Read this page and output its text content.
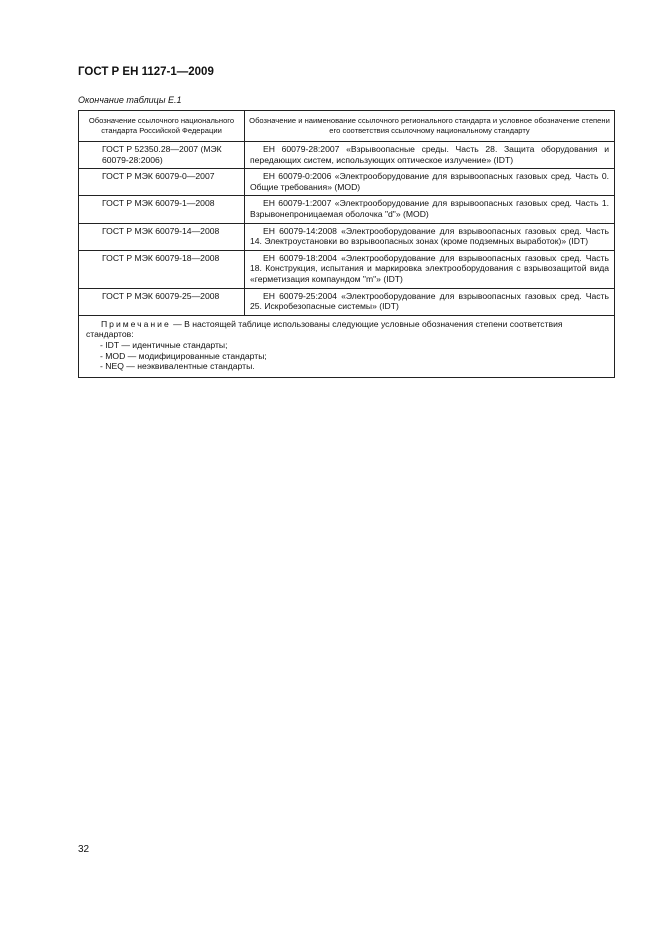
ГОСТ Р ЕН 1127-1—2009
Окончание таблицы Е.1
Обозначение ссылочного национального стандарта Российской Федерации	Обозначение и наименование ссылочного регионального стандарта и условное обозначение степени его соответствия ссылочному национальному стандарту
ГОСТ Р 52350.28—2007 (МЭК 60079-28:2006)	ЕН 60079-28:2007 «Взрывоопасные среды. Часть 28. Защита оборудования и передающих систем, использующих оптическое излучение» (IDT)
ГОСТ Р МЭК 60079-0—2007	ЕН 60079-0:2006 «Электрооборудование для взрывоопасных газовых сред. Часть 0. Общие требования» (MOD)
ГОСТ Р МЭК 60079-1—2008	ЕН 60079-1:2007 «Электрооборудование для взрывоопасных газовых сред. Часть 1. Взрывонепроницаемая оболочка "d"» (MOD)
ГОСТ Р МЭК 60079-14—2008	ЕН 60079-14:2008 «Электрооборудование для взрывоопасных газовых сред. Часть 14. Электроустановки во взрывоопасных зонах (кроме подземных выработок)» (IDT)
ГОСТ Р МЭК 60079-18—2008	ЕН 60079-18:2004 «Электрооборудование для взрывоопасных газовых сред. Часть 18. Конструкция, испытания и маркировка электрооборудования с взрывозащитой вида «герметизация компаундом "m"» (IDT)
ГОСТ Р МЭК 60079-25—2008	ЕН 60079-25:2004 «Электрооборудование для взрывоопасных газовых сред. Часть 25. Искробезопасные системы» (IDT)

Примечание — В настоящей таблице использованы следующие условные обозначения степени соответствия стандартов:

- IDT — идентичные стандарты;

- MOD — модифицированные стандарты;

- NEQ — неэквивалентные стандарты.	

32
